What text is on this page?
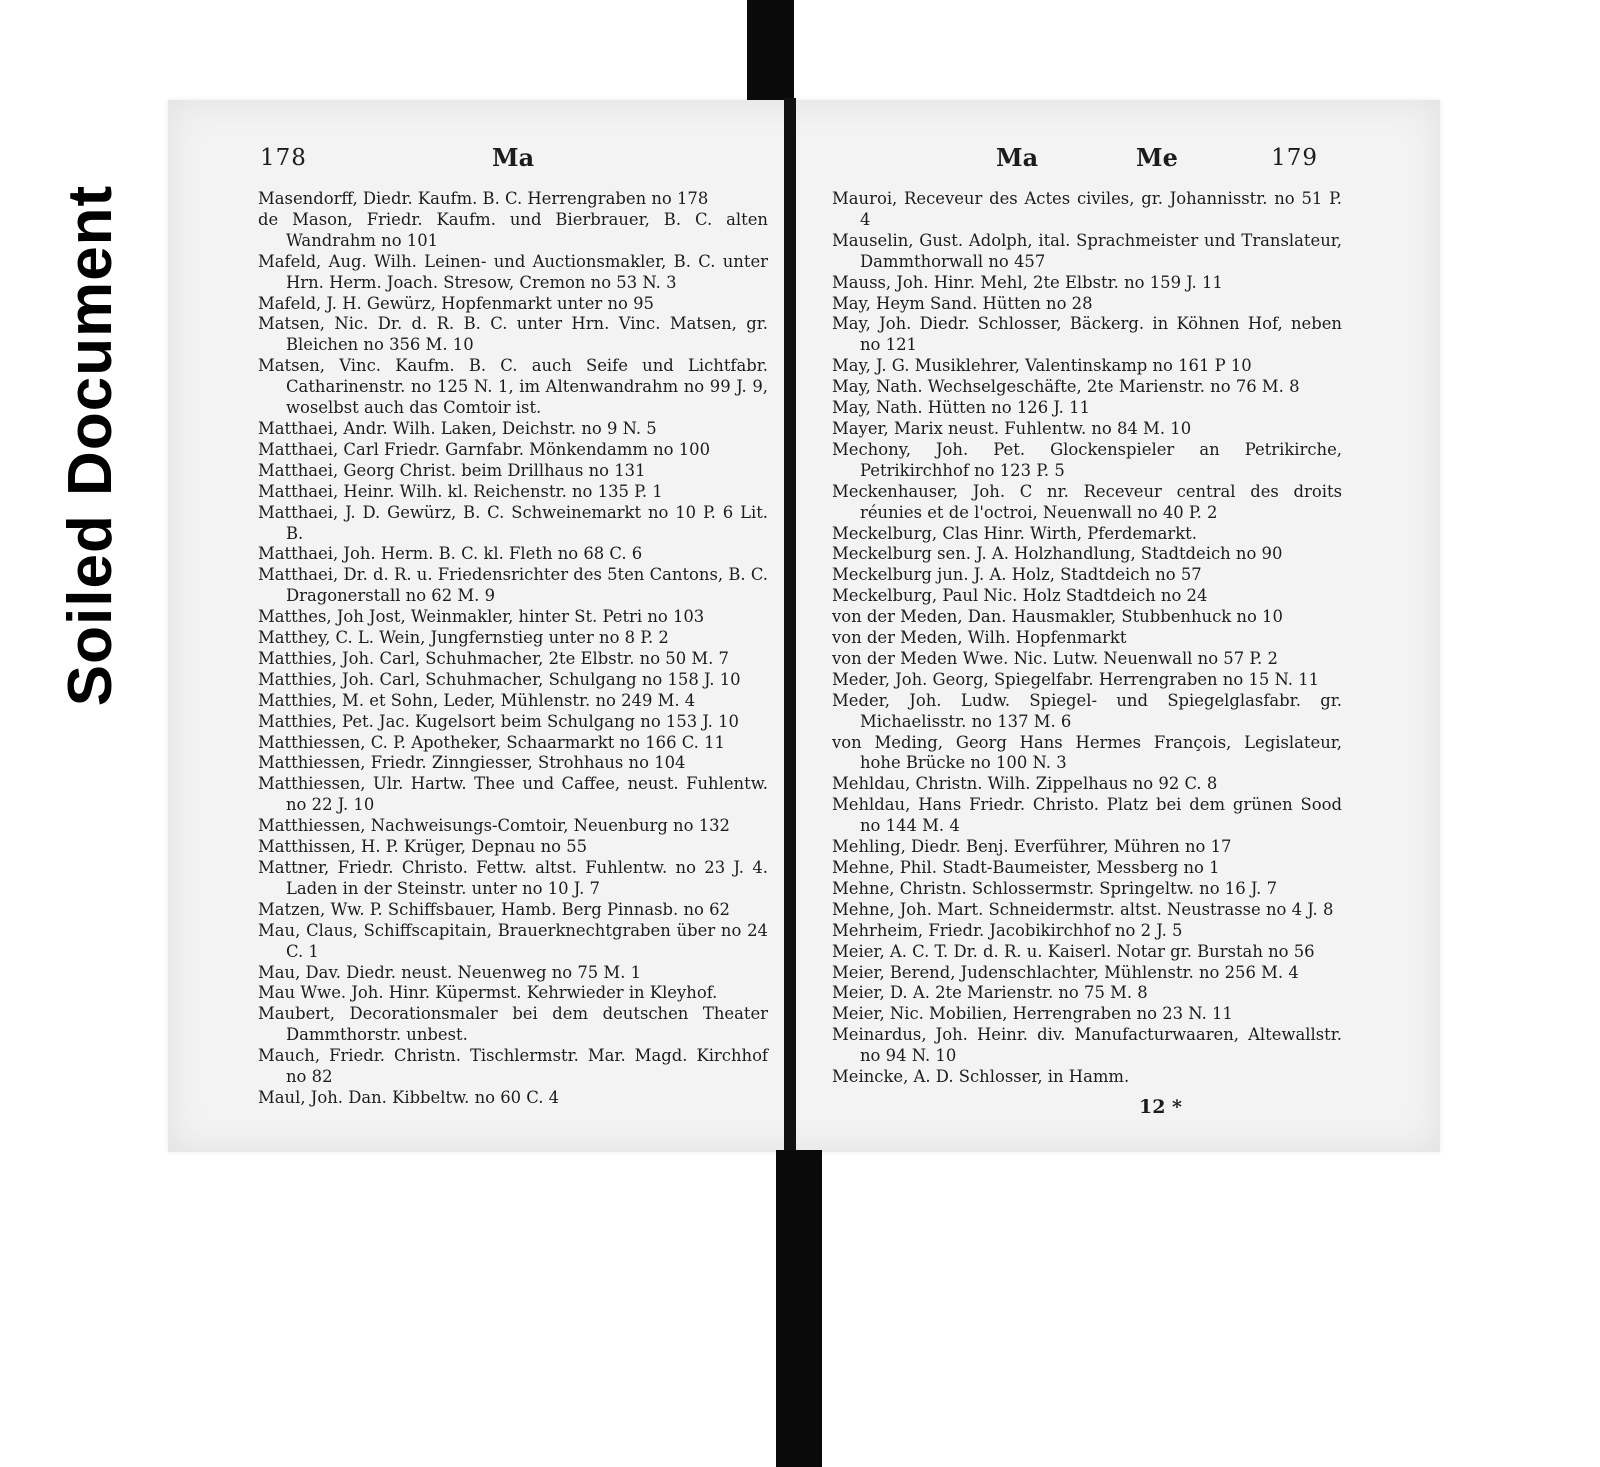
Soiled Document
178	Ma
Masendorff, Diedr. Kaufm. B. C. Herrengraben no 178
de Mason, Friedr. Kaufm. und Bierbrauer, B. C. alten Wandrahm no 101
Mafeld, Aug. Wilh. Leinen- und Auctionsmakler, B. C. unter Hrn. Herm. Joach. Stresow, Cremon no 53 N. 3
Mafeld, J. H. Gewürz, Hopfenmarkt unter no 95
Matsen, Nic. Dr. d. R. B. C. unter Hrn. Vinc. Matsen, gr. Bleichen no 356 M. 10
Matsen, Vinc. Kaufm. B. C. auch Seife und Lichtfabr. Catharinenstr. no 125 N. 1, im Altenwandrahm no 99 J. 9, woselbst auch das Comtoir ist.
Matthaei, Andr. Wilh. Laken, Deichstr. no 9 N. 5
Matthaei, Carl Friedr. Garnfabr. Mönkendamm no 100
Matthaei, Georg Christ. beim Drillhaus no 131
Matthaei, Heinr. Wilh. kl. Reichenstr. no 135 P. 1
Matthaei, J. D. Gewürz, B. C. Schweinemarkt no 10 P. 6 Lit. B.
Matthaei, Joh. Herm. B. C. kl. Fleth no 68 C. 6
Matthaei, Dr. d. R. u. Friedensrichter des 5ten Cantons, B. C. Dragonerstall no 62 M. 9
Matthes, Joh Jost, Weinmakler, hinter St. Petri no 103
Matthey, C. L. Wein, Jungfernstieg unter no 8 P. 2
Matthies, Joh. Carl, Schuhmacher, 2te Elbstr. no 50 M. 7
Matthies, Joh. Carl, Schuhmacher, Schulgang no 158 J. 10
Matthies, M. et Sohn, Leder, Mühlenstr. no 249 M. 4
Matthies, Pet. Jac. Kugelsort beim Schulgang no 153 J. 10
Matthiessen, C. P. Apotheker, Schaarmarkt no 166 C. 11
Matthiessen, Friedr. Zinngiesser, Strohhaus no 104
Matthiessen, Ulr. Hartw. Thee und Caffee, neust. Fuhlentw. no 22 J. 10
Matthiessen, Nachweisungs-Comtoir, Neuenburg no 132
Matthissen, H. P. Krüger, Depnau no 55
Mattner, Friedr. Christo. Fettw. altst. Fuhlentw. no 23 J. 4. Laden in der Steinstr. unter no 10 J. 7
Matzen, Ww. P. Schiffsbauer, Hamb. Berg Pinnasb. no 62
Mau, Claus, Schiffscapitain, Brauerknechtgraben über no 24 C. 1
Mau, Dav. Diedr. neust. Neuenweg no 75 M. 1
Mau Wwe. Joh. Hinr. Küpermst. Kehrwieder in Kleyhof.
Maubert, Decorationsmaler bei dem deutschen Theater Dammthorstr. unbest.
Mauch, Friedr. Christn. Tischlermstr. Mar. Magd. Kirchhof no 82
Maul, Joh. Dan. Kibbeltw. no 60 C. 4
Ma	Me	179
Mauroi, Receveur des Actes civiles, gr. Johannisstr. no 51 P. 4
Mauselin, Gust. Adolph, ital. Sprachmeister und Translateur, Dammthorwall no 457
Mauss, Joh. Hinr. Mehl, 2te Elbstr. no 159 J. 11
May, Heym Sand. Hütten no 28
May, Joh. Diedr. Schlosser, Bäckerg. in Köhnen Hof, neben no 121
May, J. G. Musiklehrer, Valentinskamp no 161 P 10
May, Nath. Wechselgeschäfte, 2te Marienstr. no 76 M. 8
May, Nath. Hütten no 126 J. 11
Mayer, Marix neust. Fuhlentw. no 84 M. 10
Mechony, Joh. Pet. Glockenspieler an Petrikirche, Petrikirchhof no 123 P. 5
Meckenhauser, Joh. C nr. Receveur central des droits réunies et de l'octroi, Neuenwall no 40 P. 2
Meckelburg, Clas Hinr. Wirth, Pferdemarkt.
Meckelburg sen. J. A. Holzhandlung, Stadtdeich no 90
Meckelburg jun. J. A. Holz, Stadtdeich no 57
Meckelburg, Paul Nic. Holz Stadtdeich no 24
von der Meden, Dan. Hausmakler, Stubbenhuck no 10
von der Meden, Wilh. Hopfenmarkt
von der Meden Wwe. Nic. Lutw. Neuenwall no 57 P. 2
Meder, Joh. Georg, Spiegelfabr. Herrengraben no 15 N. 11
Meder, Joh. Ludw. Spiegel- und Spiegelglasfabr. gr. Michaelisstr. no 137 M. 6
von Meding, Georg Hans Hermes François, Legislateur, hohe Brücke no 100 N. 3
Mehldau, Christn. Wilh. Zippelhaus no 92 C. 8
Mehldau, Hans Friedr. Christo. Platz bei dem grünen Sood no 144 M. 4
Mehling, Diedr. Benj. Everführer, Mühren no 17
Mehne, Phil. Stadt-Baumeister, Messberg no 1
Mehne, Christn. Schlossermstr. Springeltw. no 16 J. 7
Mehne, Joh. Mart. Schneidermstr. altst. Neustrasse no 4 J. 8
Mehrheim, Friedr. Jacobikirchhof no 2 J. 5
Meier, A. C. T. Dr. d. R. u. Kaiserl. Notar gr. Burstah no 56
Meier, Berend, Judenschlachter, Mühlenstr. no 256 M. 4
Meier, D. A. 2te Marienstr. no 75 M. 8
Meier, Nic. Mobilien, Herrengraben no 23 N. 11
Meinardus, Joh. Heinr. div. Manufacturwaaren, Altewallstr. no 94 N. 10
Meincke, A. D. Schlosser, in Hamm.
12 *
